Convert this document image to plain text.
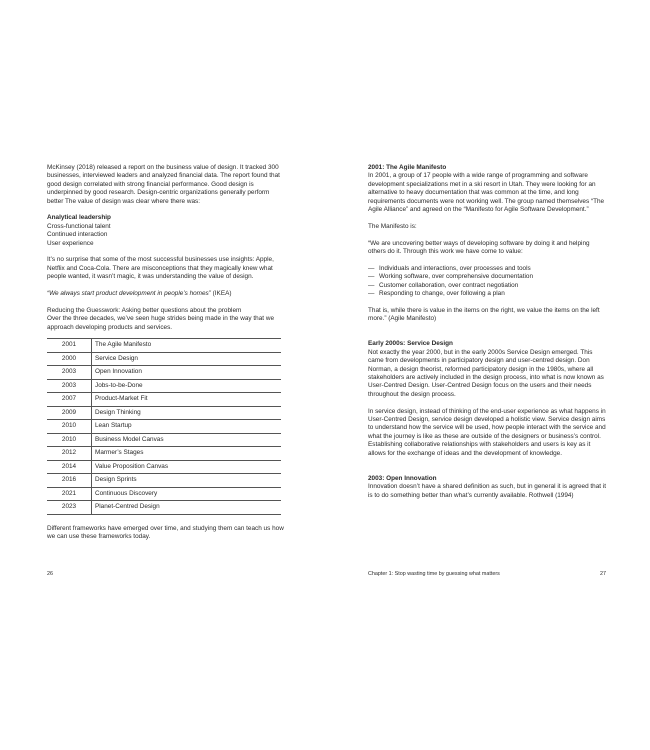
McKinsey (2018) released a report on the business value of design. It tracked 300 businesses, interviewed leaders and analyzed financial data. The report found that good design correlated with strong financial performance. Good design is underpinned by good research. Design-centric organizations generally perform better The value of design was clear where there was:

Analytical leadership

Cross-functional talent

Continued interaction

User experience

It’s no surprise that some of the most successful businesses use insights: Apple, Netflix and Coca-Cola. There are misconceptions that they magically knew what people wanted, it wasn’t magic, it was understanding the value of design.

“We always start product development in people’s homes” (IKEA)

Reducing the Guesswork: Asking better questions about the problem

Over the three decades, we’ve seen huge strides being made in the way that we approach developing products and services.

2001	The Agile Manifesto
2000	Service Design
2003	Open Innovation
2003	Jobs-to-be-Done
2007	Product-Market Fit
2009	Design Thinking
2010	Lean Startup
2010	Business Model Canvas
2012	Marmer’s Stages
2014	Value Proposition Canvas
2016	Design Sprints
2021	Continuous Discovery
2023	Planet-Centred Design

Different frameworks have emerged over time, and studying them can teach us how we can use these frameworks today.

26

2001: The Agile Manifesto

In 2001, a group of 17 people with a wide range of programming and software development specializations met in a ski resort in Utah. They were looking for an alternative to heavy documentation that was common at the time, and long requirements documents were not working well. The group named themselves “The Agile Alliance” and agreed on the “Manifesto for Agile Software Development.”

The Manifesto is:

“We are uncovering better ways of developing software by doing it and helping others do it. Through this work we have come to value:

— Individuals and interactions, over processes and tools
— Working software, over comprehensive documentation
— Customer collaboration, over contract negotiation
— Responding to change, over following a plan

That is, while there is value in the items on the right, we value the items on the left more.” (Agile Manifesto)

Early 2000s: Service Design

Not exactly the year 2000, but in the early 2000s Service Design emerged. This came from developments in participatory design and user-centred design. Don Norman, a design theorist, reformed participatory design in the 1980s, where all stakeholders are actively included in the design process, into what is now known as User-Centred Design. User-Centred Design focus on the users and their needs throughout the design process.

In service design, instead of thinking of the end-user experience as what happens in User-Centred Design, service design developed a holistic view. Service design aims to understand how the service will be used, how people interact with the service and what the journey is like as these are outside of the designers or business’s control. Establishing collaborative relationships with stakeholders and users is key as it allows for the exchange of ideas and the development of knowledge.

2003: Open Innovation

Innovation doesn’t have a shared definition as such, but in general it is agreed that it is to do something better than what’s currently available. Rothwell (1994)

Chapter 1: Stop wasting time by guessing what matters	27
